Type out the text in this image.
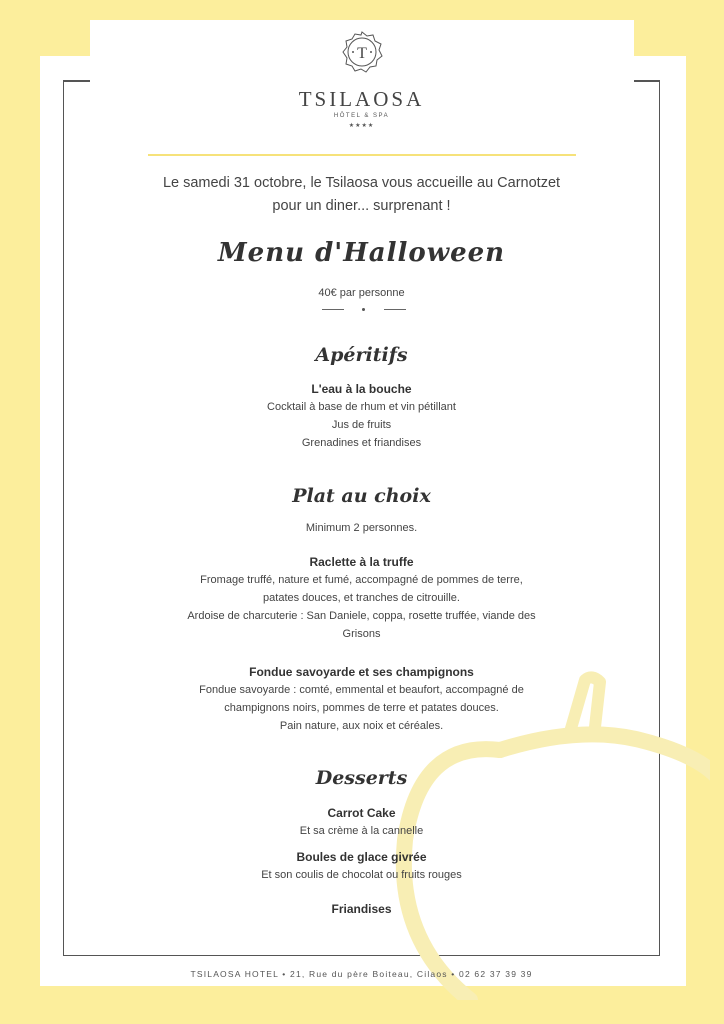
T
TSILAOSA
HÔTEL & SPA
★★★★
Le samedi 31 octobre, le Tsilaosa vous accueille au Carnotzet
pour un diner... surprenant !
Menu d'Halloween
40€ par personne
Apéritifs
L'eau à la bouche
Cocktail à base de rhum et vin pétillant
Jus de fruits
Grenadines et friandises
Plat au choix
Minimum 2 personnes.
Raclette à la truffe
Fromage truffé, nature et fumé, accompagné de pommes de terre,
patates douces, et tranches de citrouille.
Ardoise de charcuterie : San Daniele, coppa, rosette truffée, viande des
Grisons
Fondue savoyarde et ses champignons
Fondue savoyarde : comté, emmental et beaufort, accompagné de
champignons noirs, pommes de terre et patates douces.
Pain nature, aux noix et céréales.
Desserts
Carrot Cake
Et sa crème à la cannelle
Boules de glace givrée
Et son coulis de chocolat ou fruits rouges
Friandises
TSILAOSA HOTEL • 21, Rue du père Boiteau, Cilaos • 02 62 37 39 39
